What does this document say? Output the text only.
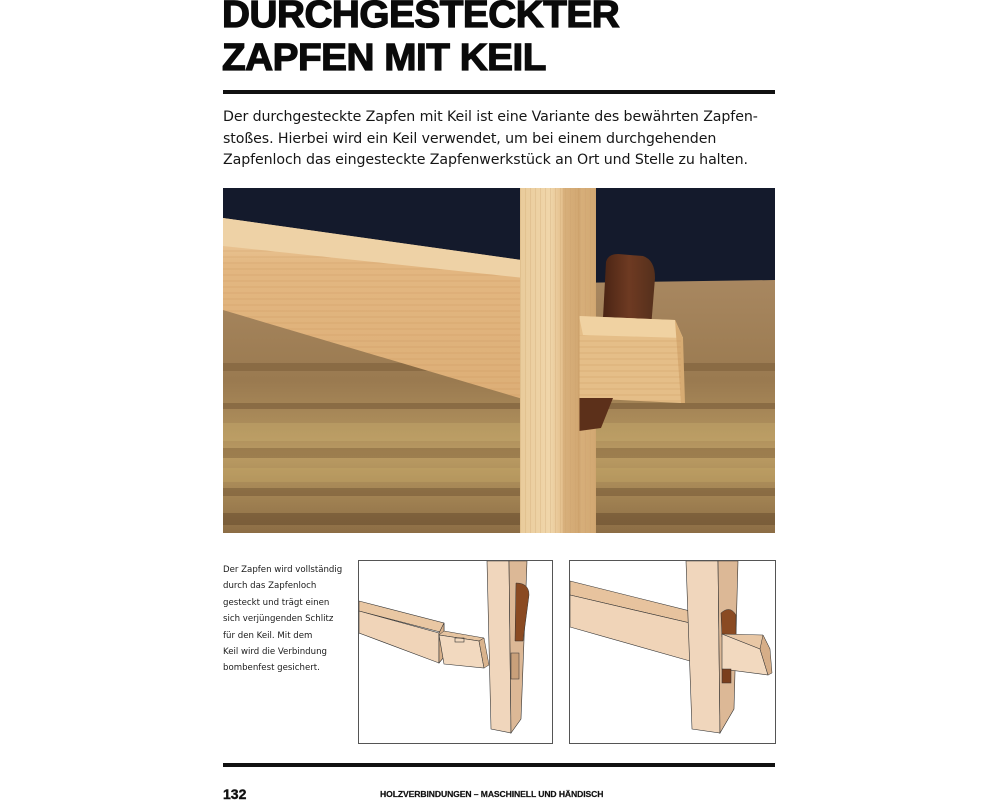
DURCHGESTECKTER
ZAPFEN MIT KEIL

Der durchgesteckte Zapfen mit Keil ist eine Variante des bewährten Zapfen-
stoßes. Hierbei wird ein Keil verwendet, um bei einem durchgehenden
Zapfenloch das eingesteckte Zapfenwerkstück an Ort und Stelle zu halten.

Der Zapfen wird vollständig
durch das Zapfenloch
gesteckt und trägt einen
sich verjüngenden Schlitz
für den Keil. Mit dem
Keil wird die Verbindung
bombenfest gesichert.
132	HOLZVERBINDUNGEN – MASCHINELL UND HÄNDISCH
